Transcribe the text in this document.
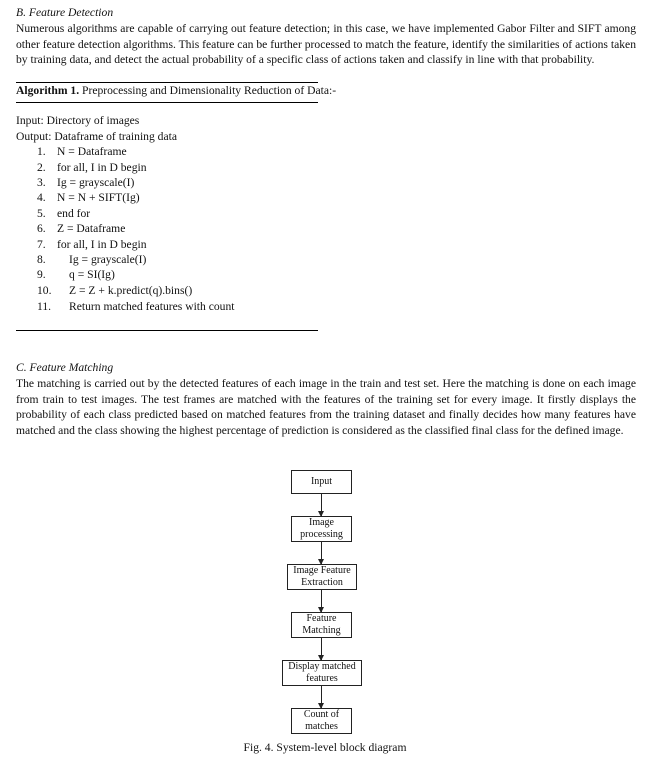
B. Feature Detection

Numerous algorithms are capable of carrying out feature detection; in this case, we have implemented Gabor Filter and SIFT among other feature detection algorithms. This feature can be further processed to match the feature, identify the similarities of actions taken by training data, and detect the actual probability of a specific class of actions taken and classify in line with that probability.

Algorithm 1. Preprocessing and Dimensionality Reduction of Data:-
Input: Directory of images
Output: Dataframe of training data
1. N = Dataframe
2. for all, I in D begin
3. Ig = grayscale(I)
4. N = N + SIFT(Ig)
5. end for
6. Z = Dataframe
7. for all, I in D begin
8.	Ig = grayscale(I)
9.	q = SI(Ig)
10.	Z = Z + k.predict(q).bins()
11.	Return matched features with count
C. Feature Matching

The matching is carried out by the detected features of each image in the train and test set. Here the matching is done on each image from train to test images. The test frames are matched with the features of the training set for every image. It firstly displays the probability of each class predicted based on matched features from the training dataset and finally decides how many features have matched and the class showing the highest percentage of prediction is considered as the classified final class for the defined image.

Input
Image
processing
Image Feature
Extraction
Feature
Matching
Display matched
features
Count of
matches
Fig. 4. System-level block diagram
